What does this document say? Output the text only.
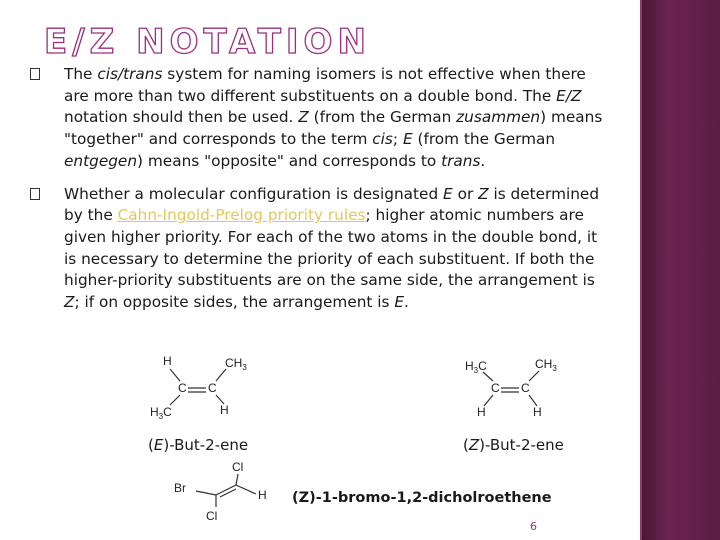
E/Z NOTATION
The cis/trans system for naming isomers is not effective when there are more than two different substituents on a double bond. The E/Z notation should then be used. Z (from the German zusammen) means "together" and corresponds to the term cis; E (from the German entgegen) means "opposite" and corresponds to trans.
Whether a molecular configuration is designated E or Z is determined by the Cahn-Ingold-Prelog priority rules; higher atomic numbers are given higher priority. For each of the two atoms in the double bond, it is necessary to determine the priority of each substituent. If both the higher-priority substituents are on the same side, the arrangement is Z; if on opposite sides, the arrangement is E.
H	$CH_3$
C C
$H_3C$	H
$H_3C$	$CH_3$
C C
H	H
(E)-But-2-ene	(Z)-But-2-ene
Cl
Br	H
Cl
(Z)-1-bromo-1,2-dicholroethene
6
